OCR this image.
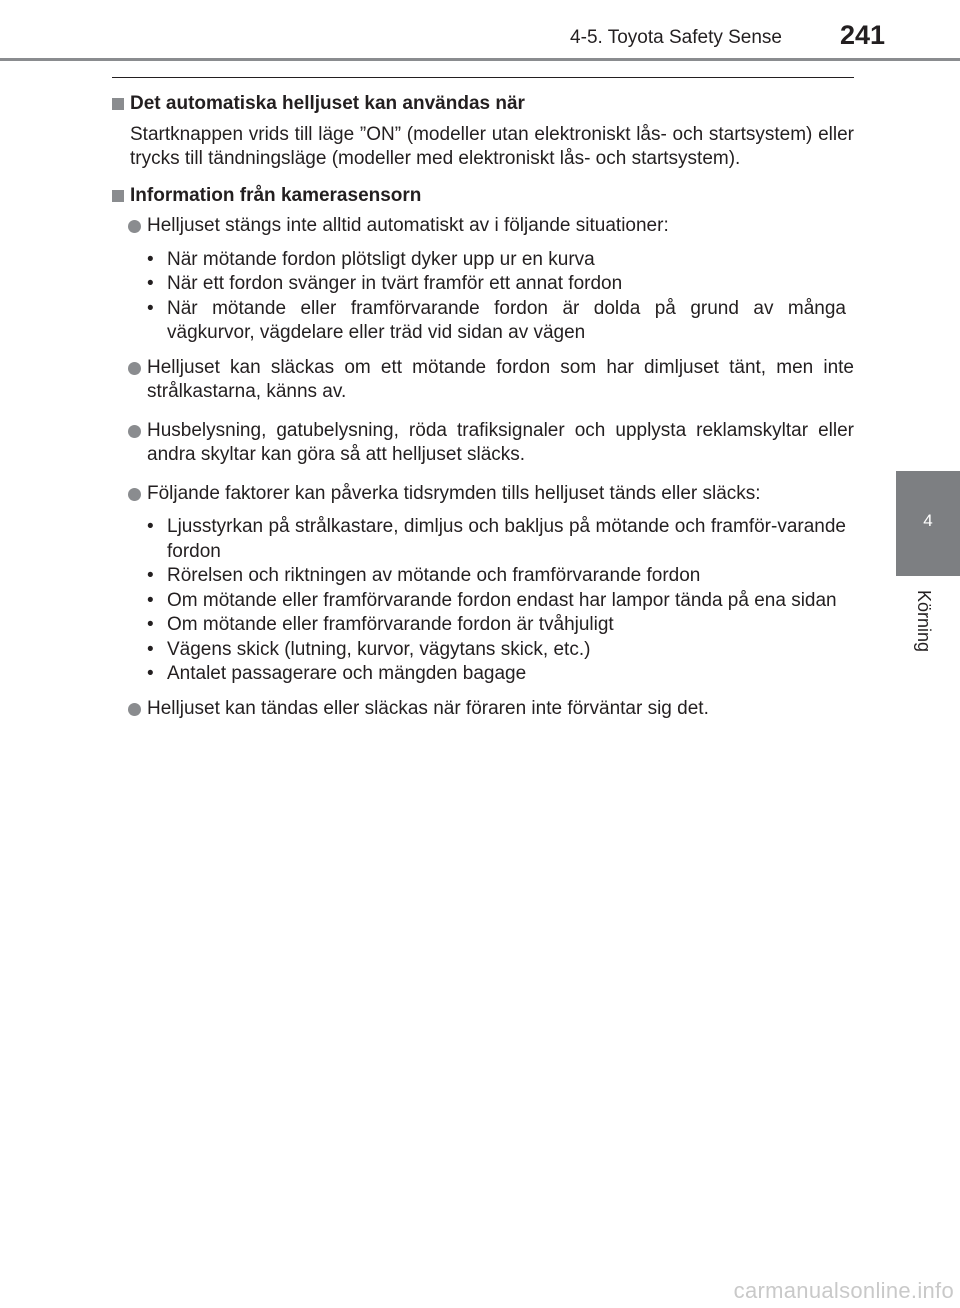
4-5. Toyota Safety Sense 241
4
Körning
Det automatiska helljuset kan användas när
Startknappen vrids till läge ”ON” (modeller utan elektroniskt lås- och startsystem) eller trycks till tändningsläge (modeller med elektroniskt lås- och startsystem).
Information från kamerasensorn
Helljuset stängs inte alltid automatiskt av i följande situationer:
• När mötande fordon plötsligt dyker upp ur en kurva
• När ett fordon svänger in tvärt framför ett annat fordon
• När mötande eller framförvarande fordon är dolda på grund av många vägkurvor, vägdelare eller träd vid sidan av vägen
Helljuset kan släckas om ett mötande fordon som har dimljuset tänt, men inte strålkastarna, känns av.
Husbelysning, gatubelysning, röda trafiksignaler och upplysta reklamskyltar eller andra skyltar kan göra så att helljuset släcks.
Följande faktorer kan påverka tidsrymden tills helljuset tänds eller släcks:
• Ljusstyrkan på strålkastare, dimljus och bakljus på mötande och framför-varande fordon
• Rörelsen och riktningen av mötande och framförvarande fordon
• Om mötande eller framförvarande fordon endast har lampor tända på ena sidan
• Om mötande eller framförvarande fordon är tvåhjuligt
• Vägens skick (lutning, kurvor, vägytans skick, etc.)
• Antalet passagerare och mängden bagage
Helljuset kan tändas eller släckas när föraren inte förväntar sig det.
carmanualsonline.info
